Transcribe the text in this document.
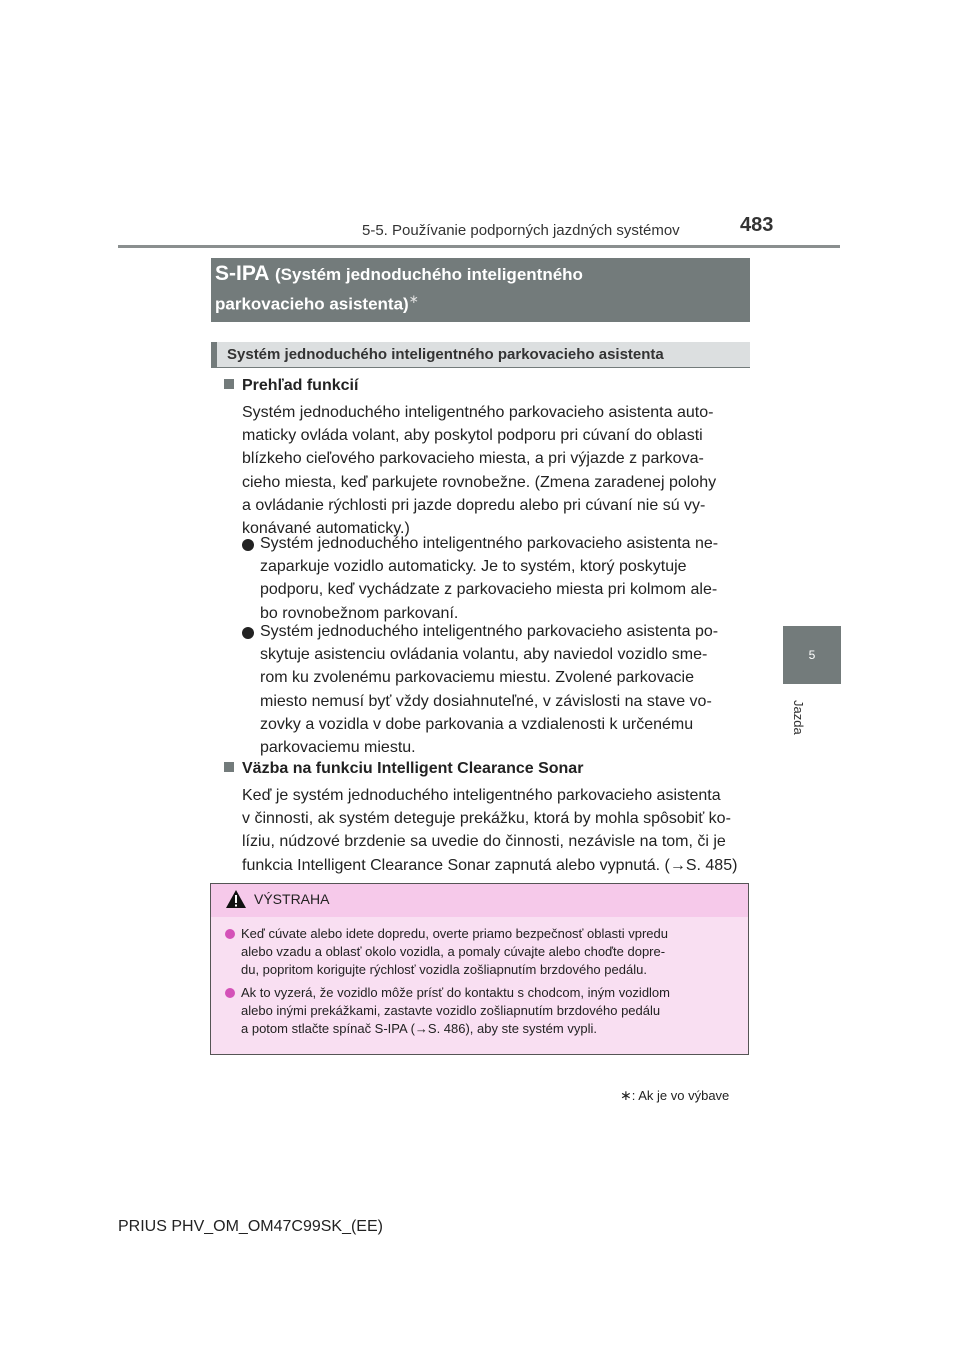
5-5. Používanie podporných jazdných systémov	483
5
Jazda
S-IPA (Systém jednoduchého inteligentného
parkovacieho asistenta)∗
Systém jednoduchého inteligentného parkovacieho asistenta
Prehľad funkcií
Systém jednoduchého inteligentného parkovacieho asistenta auto-
maticky ovláda volant, aby poskytol podporu pri cúvaní do oblasti
blízkeho cieľového parkovacieho miesta, a pri výjazde z parkova-
cieho miesta, keď parkujete rovnobežne. (Zmena zaradenej polohy
a ovládanie rýchlosti pri jazde dopredu alebo pri cúvaní nie sú vy-
konávané automaticky.)
Systém jednoduchého inteligentného parkovacieho asistenta ne-
zaparkuje vozidlo automaticky. Je to systém, ktorý poskytuje
podporu, keď vychádzate z parkovacieho miesta pri kolmom ale-
bo rovnobežnom parkovaní.
Systém jednoduchého inteligentného parkovacieho asistenta po-
skytuje asistenciu ovládania volantu, aby naviedol vozidlo sme-
rom ku zvolenému parkovaciemu miestu. Zvolené parkovacie
miesto nemusí byť vždy dosiahnuteľné, v závislosti na stave vo-
zovky a vozidla v dobe parkovania a vzdialenosti k určenému
parkovaciemu miestu.
Väzba na funkciu Intelligent Clearance Sonar
Keď je systém jednoduchého inteligentného parkovacieho asistenta
v činnosti, ak systém deteguje prekážku, ktorá by mohla spôsobiť ko-
líziu, núdzové brzdenie sa uvedie do činnosti, nezávisle na tom, či je
funkcia Intelligent Clearance Sonar zapnutá alebo vypnutá. (→S. 485)
VÝSTRAHA
Keď cúvate alebo idete dopredu, overte priamo bezpečnosť oblasti vpredu
alebo vzadu a oblasť okolo vozidla, a pomaly cúvajte alebo choďte dopre-
du, popritom korigujte rýchlosť vozidla zošliapnutím brzdového pedálu.
Ak to vyzerá, že vozidlo môže prísť do kontaktu s chodcom, iným vozidlom
alebo inými prekážkami, zastavte vozidlo zošliapnutím brzdového pedálu
a potom stlačte spínač S-IPA (→S. 486), aby ste systém vypli.
∗: Ak je vo výbave
PRIUS PHV_OM_OM47C99SK_(EE)
